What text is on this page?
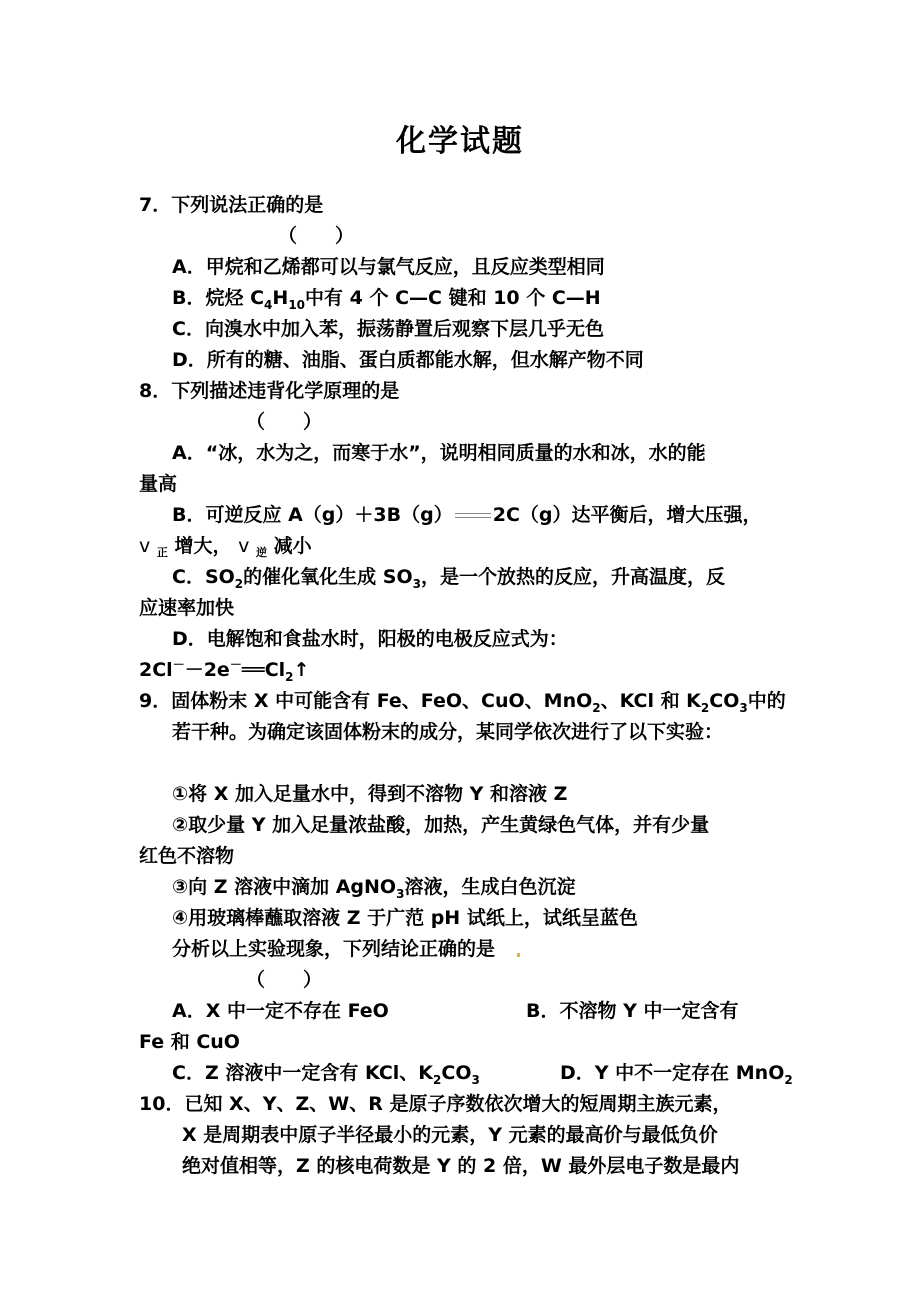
化学试题
7．下列说法正确的是
（　　）
A．甲烷和乙烯都可以与氯气反应，且反应类型相同
B．烷烃 $C_4H_{10}$中有 4 个 C—C 键和 10 个 C—H
C．向溴水中加入苯，振荡静置后观察下层几乎无色
D．所有的糖、油脂、蛋白质都能水解，但水解产物不同
8．下列描述违背化学原理的是
（　　）
A．“冰，水为之，而寒于水”，说明相同质量的水和冰，水的能
量高
B．可逆反应 A（g）＋3B（g） 2C（g）达平衡后，增大压强，
v $_正$ 增大， v $_逆$ 减小
C．$SO_2$的催化氧化生成 $SO_3$，是一个放热的反应，升高温度，反
应速率加快
D．电解饱和食盐水时，阳极的电极反应式为：
$2Cl^--2e^-══Cl_2↑$
9．固体粉末 X 中可能含有 Fe、FeO、CuO、MnO$_2$、KCl 和 $K_2CO_3$中的
若干种。为确定该固体粉末的成分，某同学依次进行了以下实验：
①将 X 加入足量水中，得到不溶物 Y 和溶液 Z
②取少量 Y 加入足量浓盐酸，加热，产生黄绿色气体，并有少量
红色不溶物
③向 Z 溶液中滴加 AgNO$_3$溶液，生成白色沉淀
④用玻璃棒蘸取溶液 Z 于广范 pH 试纸上，试纸呈蓝色
分析以上实验现象，下列结论正确的是
（　　）
A．X 中一定不存在 FeO	B．不溶物 Y 中一定含有
Fe 和 CuO
C．Z 溶液中一定含有 KCl、$K_2CO_3$	D．Y 中不一定存在 MnO$_2$
10．已知 X、Y、Z、W、R 是原子序数依次增大的短周期主族元素，
X 是周期表中原子半径最小的元素，Y 元素的最高价与最低负价
绝对值相等，Z 的核电荷数是 Y 的 2 倍，W 最外层电子数是最内
